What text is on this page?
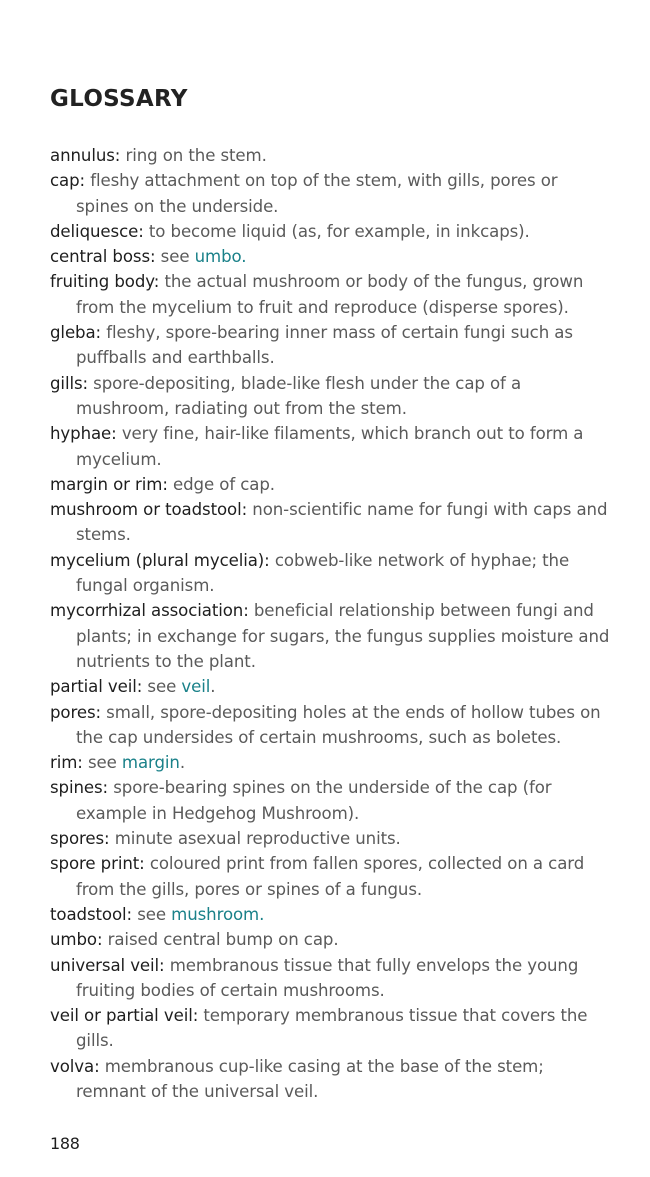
GLOSSARY

annulus: ring on the stem.

cap: fleshy attachment on top of the stem, with gills, pores or spines on the underside.

deliquesce: to become liquid (as, for example, in inkcaps).

central boss: see umbo.

fruiting body: the actual mushroom or body of the fungus, grown from the mycelium to fruit and reproduce (disperse spores).

gleba: fleshy, spore-bearing inner mass of certain fungi such as puffballs and earthballs.

gills: spore-depositing, blade-like flesh under the cap of a mushroom, radiating out from the stem.

hyphae: very fine, hair-like filaments, which branch out to form a mycelium.

margin or rim: edge of cap.

mushroom or toadstool: non-scientific name for fungi with caps and stems.

mycelium (plural mycelia): cobweb-like network of hyphae; the fungal organism.

mycorrhizal association: beneficial relationship between fungi and plants; in exchange for sugars, the fungus supplies moisture and nutrients to the plant.

partial veil: see veil.

pores: small, spore-depositing holes at the ends of hollow tubes on the cap undersides of certain mushrooms, such as boletes.

rim: see margin.

spines: spore-bearing spines on the underside of the cap (for example in Hedgehog Mushroom).

spores: minute asexual reproductive units.

spore print: coloured print from fallen spores, collected on a card from the gills, pores or spines of a fungus.

toadstool: see mushroom.

umbo: raised central bump on cap.

universal veil: membranous tissue that fully envelops the young fruiting bodies of certain mushrooms.

veil or partial veil: temporary membranous tissue that covers the gills.

volva: membranous cup-like casing at the base of the stem; remnant of the universal veil.

188
